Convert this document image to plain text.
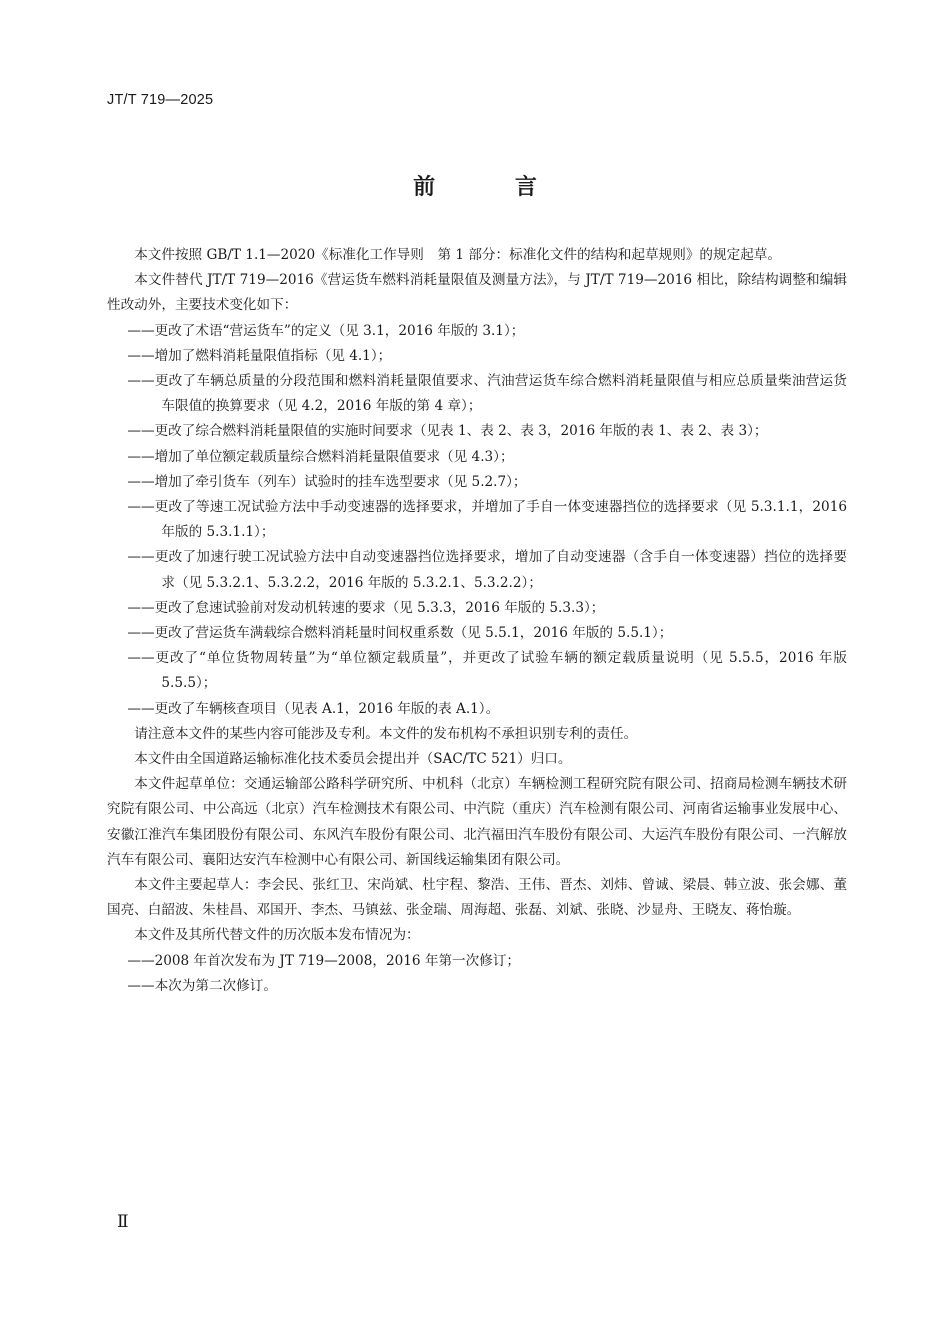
JT/T 719—2025
前 言

本文件按照 GB/T 1.1—2020《标准化工作导则　第 1 部分：标准化文件的结构和起草规则》的规定起草。

本文件替代 JT/T 719—2016《营运货车燃料消耗量限值及测量方法》，与 JT/T 719—2016 相比，除结构调整和编辑性改动外，主要技术变化如下：

——更改了术语“营运货车”的定义（见 3.1，2016 年版的 3.1）；

——增加了燃料消耗量限值指标（见 4.1）；

——更改了车辆总质量的分段范围和燃料消耗量限值要求、汽油营运货车综合燃料消耗量限值与相应总质量柴油营运货车限值的换算要求（见 4.2，2016 年版的第 4 章）；

——更改了综合燃料消耗量限值的实施时间要求（见表 1、表 2、表 3，2016 年版的表 1、表 2、表 3）；

——增加了单位额定载质量综合燃料消耗量限值要求（见 4.3）；

——增加了牵引货车（列车）试验时的挂车选型要求（见 5.2.7）；

——更改了等速工况试验方法中手动变速器的选择要求，并增加了手自一体变速器挡位的选择要求（见 5.3.1.1，2016 年版的 5.3.1.1）；

——更改了加速行驶工况试验方法中自动变速器挡位选择要求，增加了自动变速器（含手自一体变速器）挡位的选择要求（见 5.3.2.1、5.3.2.2，2016 年版的 5.3.2.1、5.3.2.2）；

——更改了怠速试验前对发动机转速的要求（见 5.3.3，2016 年版的 5.3.3）；

——更改了营运货车满载综合燃料消耗量时间权重系数（见 5.5.1，2016 年版的 5.5.1）；

——更改了“单位货物周转量”为“单位额定载质量”，并更改了试验车辆的额定载质量说明（见 5.5.5，2016 年版 5.5.5）；

——更改了车辆核查项目（见表 A.1，2016 年版的表 A.1）。

请注意本文件的某些内容可能涉及专利。本文件的发布机构不承担识别专利的责任。

本文件由全国道路运输标准化技术委员会提出并（SAC/TC 521）归口。

本文件起草单位：交通运输部公路科学研究所、中机科（北京）车辆检测工程研究院有限公司、招商局检测车辆技术研究院有限公司、中公高远（北京）汽车检测技术有限公司、中汽院（重庆）汽车检测有限公司、河南省运输事业发展中心、安徽江淮汽车集团股份有限公司、东风汽车股份有限公司、北汽福田汽车股份有限公司、大运汽车股份有限公司、一汽解放汽车有限公司、襄阳达安汽车检测中心有限公司、新国线运输集团有限公司。

本文件主要起草人：李会民、张红卫、宋尚斌、杜宇程、黎浩、王伟、晋杰、刘炜、曾诚、梁晨、韩立波、张会娜、董国亮、白韶波、朱桂昌、邓国开、李杰、马镇兹、张金瑞、周海超、张磊、刘斌、张晓、沙显舟、王晓友、蒋怡璇。

本文件及其所代替文件的历次版本发布情况为：

——2008 年首次发布为 JT 719—2008，2016 年第一次修订；

——本次为第二次修订。

Ⅱ
